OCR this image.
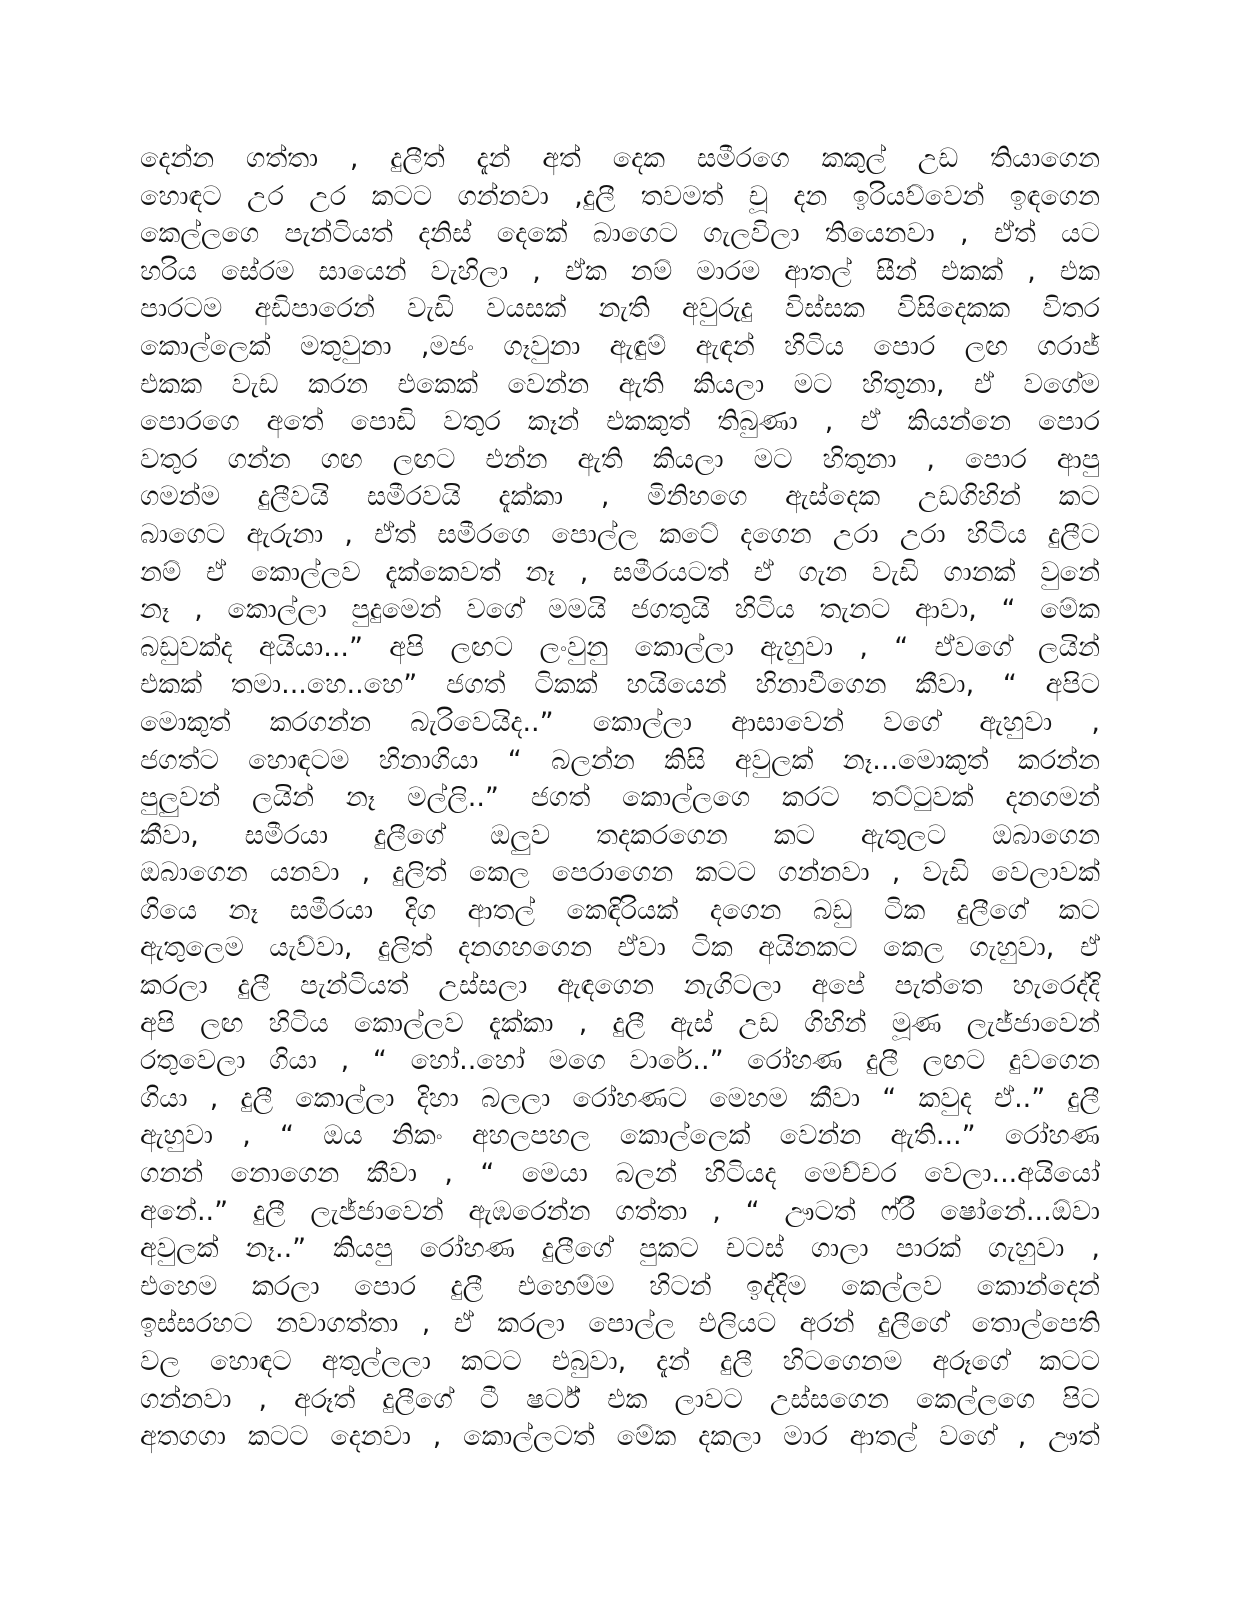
දෙන්න ගත්තා , දුලීත් දැන් අත් දෙක සමීරගෙ කකුල් උඩ තියාගෙන
හොඳට උර උර කටට ගන්නවා ,දුලී තවමත් චූ දන ඉරියව්වෙන් ඉඳගෙන
කෙල්ලගෙ පැන්ටියත් දනිස් දෙකේ බාගෙට ගැලවිලා තියෙනවා , ඒත් යට
හරිය සේරම සායෙන් වැහිලා , ඒක නම් මාරම ආතල් සීන් එකක් , එක
පාරටම අඩිපාරෙන් වැඩි වයසක් නැති අවුරුදු විස්සක විසිදෙකක විතර
කොල්ලෙක් මතුවුනා ,මජං ගෑවුනා ඇඳුම් ඇඳන් හිටිය පොර ලඟ ගරාජ්
එකක වැඩ කරන එකෙක් වෙන්න ඇති කියලා මට හිතුනා, ඒ වගේම
පොරගෙ අතේ පොඩි වතුර කෑන් එකකුත් තිබුණා , ඒ කියන්නෙ පොර
වතුර ගන්න ගඟ ලඟට එන්න ඇති කියලා මට හිතුනා , පොර ආපු
ගමන්ම දුලීවයි සමීරවයි දැක්කා , මිනිහගෙ ඇස්දෙක උඩගිහින් කට
බාගෙට ඇරුනා , ඒත් සමීරගෙ පොල්ල කටේ දගෙන උරා උරා හිටිය දුලීට
නම් ඒ කොල්ලව දැක්කෙවත් නෑ , සමීරයටත් ඒ ගැන වැඩි ගානක් වුනේ
නෑ , කොල්ලා පුදුමෙන් වගේ මමයි ජගතුයි හිටිය තැනට ආවා, “ මේක
බඩුවක්ද අයියා...” අපි ලඟට ලංවුනු කොල්ලා ඇහුවා , “ ඒවගේ ලයින්
එකක් තමා...හෙ..හෙ” ජගත් ටිකක් හයියෙන් හිනාවීගෙන කීවා, “ අපිට
මොකුත් කරගන්න බැරිවෙයිද..” කොල්ලා ආසාවෙන් වගේ ඇහුවා ,
ජගත්ට හොඳටම හිනාගියා “ බලන්න කිසි අවුලක් නෑ...මොකුත් කරන්න
පුලුවන් ලයින් නෑ මල්ලි..” ජගත් කොල්ලගෙ කරට තට්ටුවක් දනගමන්
කීවා, සමීරයා දුලීගේ ඔලුව තදකරගෙන කට ඇතුලට ඔබාගෙන
ඔබාගෙන යනවා , දුලිත් කෙල පෙරාගෙන කටට ගන්නවා , වැඩි වෙලාවක්
ගියෙ නෑ සමීරයා දිග ආතල් කෙඳිරියක් දගෙන බඩු ටික දුලීගේ කට
ඇතුලෙම යැව්වා, දුලිත් දනගහගෙන ඒවා ටික අයිනකට කෙල ගැහුවා, ඒ
කරලා දුලී පැන්ටියත් උස්සලා ඇඳගෙන නැගිටලා අපේ පැත්තෙ හැරෙද්දි
අපි ලඟ හිටිය කොල්ලව දැක්කා , දුලී ඇස් උඩ ගිහින් මූණ ලැජ්ජාවෙන්
රතුවෙලා ගියා , “ හෝ..හෝ මගෙ වාරේ..” රෝහණ දුලී ලඟට දුවගෙන
ගියා , දුලී කොල්ලා දිහා බලලා රෝහණට මෙහම කීවා “ කවුද ඒ..” දුලී
ඇහුවා , “ ඔය නිකං අහලපහල කොල්ලෙක් වෙන්න ඇති...” රෝහණ
ගනන් නොගෙන කීවා , “ මෙයා බලන් හිටියද මෙච්චර වෙලා...අයියෝ
අනේ..” දුලී ලැජ්ජාවෙන් ඇඹරෙන්න ගත්තා , “ ඌටත් ෆ්රී ෂෝනේ...ඕවා
අවුලක් නෑ..” කියපු රෝහණ දුලීගේ පුකට චටස් ගාලා පාරක් ගැහුවා ,
එහෙම කරලා පොර දුලී එහෙම්ම හිටන් ඉද්දිම කෙල්ලව කොන්දෙන්
ඉස්සරහට නවාගත්තා , ඒ කරලා පොල්ල එලියට අරන් දුලීගේ තොල්පෙති
වල හොඳට අතුල්ලලා කටට එබුවා, දැන් දුලී හිටගෙනම අරූගේ කටට
ගන්නවා , අරූත් දුලීගේ ටී ෂර්ට් එක ලාවට උස්සගෙන කෙල්ලගෙ පිට
අතගගා කටට දෙනවා , කොල්ලටත් මේක දකලා මාර ආතල් වගේ , ඌත්
